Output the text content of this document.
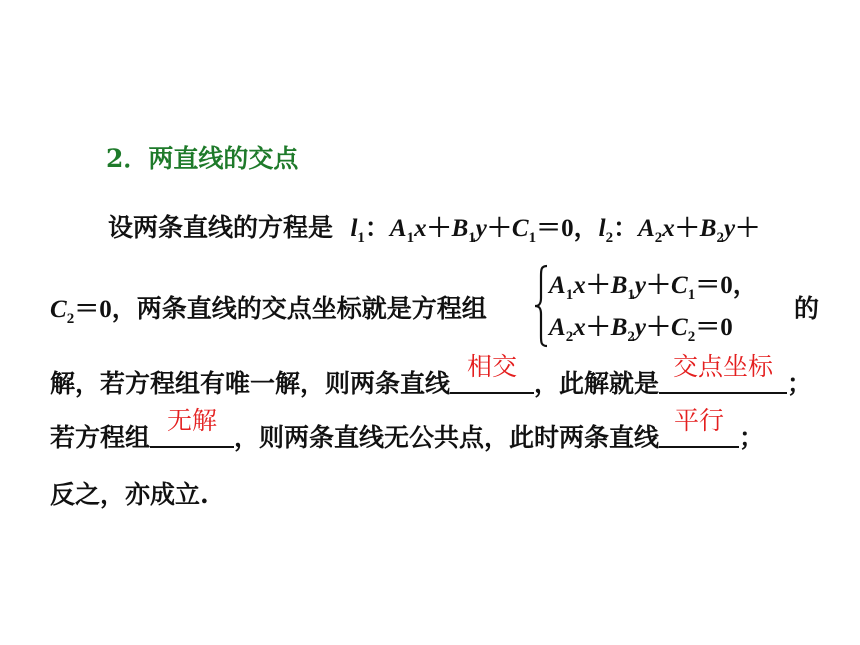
2．两直线的交点
设两条直线的方程是 $l_1$：$A_1x+B_1y+C_1=0$，$l_2$：$A_2x+B_2y+$
$C_2=0$，两条直线的交点坐标就是方程组	的
$A_1x+B_1y+C_1=0$，
$A_2x+B_2y+C_2=0$
解，若方程组有唯一解，则两条直线
相交
，此解就是
交点坐标
；
若方程组
无解
，则两条直线无公共点，此时两条直线
平行
；
反之，亦成立.
